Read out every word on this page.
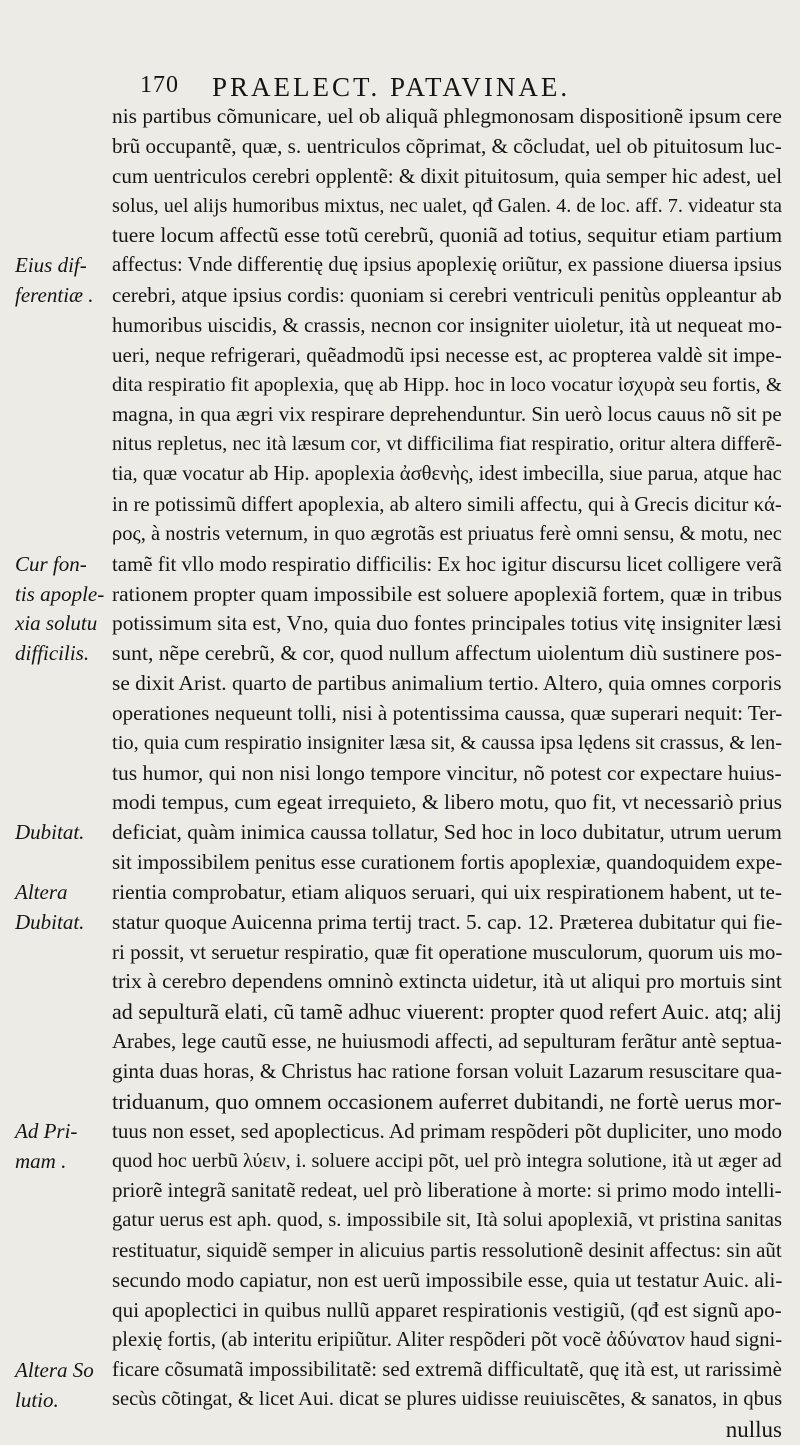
170 PRAELECT. PATAVINAE.
nis partibus cõmunicare, uel ob aliquã phlegmonosam dispositionẽ ipsum cere
brũ occupantẽ, quæ, s. uentriculos cõprimat, & cõcludat, uel ob pituitosum luc-
cum uentriculos cerebri opplentẽ: & dixit pituitosum, quia semper hic adest, uel
solus, uel alijs humoribus mixtus, nec ualet, qđ Galen. 4. de loc. aff. 7. videatur sta
tuere locum affectũ esse totũ cerebrũ, quoniã ad totius, sequitur etiam partium
affectus: Vnde differentię duę ipsius apoplexię oriũtur, ex passione diuersa ipsius
cerebri, atque ipsius cordis: quoniam si cerebri ventriculi penitùs oppleantur ab
humoribus uiscidis, & crassis, necnon cor insigniter uioletur, ità ut nequeat mo-
ueri, neque refrigerari, quẽadmodũ ipsi necesse est, ac propterea valdè sit impe-
dita respiratio fit apoplexia, quę ab Hipp. hoc in loco vocatur ἰσχυρὰ seu fortis, &
magna, in qua ægri vix respirare deprehenduntur. Sin uerò locus cauus nõ sit pe
nitus repletus, nec ità læsum cor, vt difficilima fiat respiratio, oritur altera differẽ-
tia, quæ vocatur ab Hip. apoplexia ἀσθενὴς, idest imbecilla, siue parua, atque hac
in re potissimũ differt apoplexia, ab altero simili affectu, qui à Grecis dicitur κά-
ρος, à nostris veternum, in quo ægrotãs est priuatus ferè omni sensu, & motu, nec
tamẽ fit vllo modo respiratio difficilis: Ex hoc igitur discursu licet colligere verã
rationem propter quam impossibile est soluere apoplexiã fortem, quæ in tribus
potissimum sita est, Vno, quia duo fontes principales totius vitę insigniter læsi
sunt, nẽpe cerebrũ, & cor, quod nullum affectum uiolentum diù sustinere pos-
se dixit Arist. quarto de partibus animalium tertio. Altero, quia omnes corporis
operationes nequeunt tolli, nisi à potentissima caussa, quæ superari nequit: Ter-
tio, quia cum respiratio insigniter læsa sit, & caussa ipsa lędens sit crassus, & len-
tus humor, qui non nisi longo tempore vincitur, nõ potest cor expectare huius-
modi tempus, cum egeat irrequieto, & libero motu, quo fit, vt necessariò prius
deficiat, quàm inimica caussa tollatur, Sed hoc in loco dubitatur, utrum uerum
sit impossibilem penitus esse curationem fortis apoplexiæ, quandoquidem expe-
rientia comprobatur, etiam aliquos seruari, qui uix respirationem habent, ut te-
statur quoque Auicenna prima tertij tract. 5. cap. 12. Præterea dubitatur qui fie-
ri possit, vt seruetur respiratio, quæ fit operatione musculorum, quorum uis mo-
trix à cerebro dependens omninò extincta uidetur, ità ut aliqui pro mortuis sint
ad sepulturã elati, cũ tamẽ adhuc viuerent: propter quod refert Auic. atq; alij
Arabes, lege cautũ esse, ne huiusmodi affecti, ad sepulturam ferãtur antè septua-
ginta duas horas, & Christus hac ratione forsan voluit Lazarum resuscitare qua-
triduanum, quo omnem occasionem auferret dubitandi, ne fortè uerus mor-
tuus non esset, sed apoplecticus. Ad primam respõderi põt dupliciter, uno modo
quod hoc uerbũ λύειν, i. soluere accipi põt, uel prò integra solutione, ità ut æger ad
priorẽ integrã sanitatẽ redeat, uel prò liberatione à morte: si primo modo intelli-
gatur uerus est aph. quod, s. impossibile sit, Ità solui apoplexiã, vt pristina sanitas
restituatur, siquidẽ semper in alicuius partis ressolutionẽ desinit affectus: sin aũt
secundo modo capiatur, non est uerũ impossibile esse, quia ut testatur Auic. ali-
qui apoplectici in quibus nullũ apparet respirationis vestigiũ, (qđ est signũ apo-
plexię fortis, (ab interitu eripiũtur. Aliter respõderi põt vocẽ ἀδύνατον haud signi-
ficare cõsumatã impossibilitatẽ: sed extremã difficultatẽ, quę ità est, ut rarissimè
secùs cõtingat, & licet Aui. dicat se plures uidisse reuiuiscẽtes, & sanatos, in qbus
nullus
Eius dif-
ferentiæ .
Cur fon-
tis apople-
xia solutu
difficilis.
Dubitat.
Altera
Dubitat.
Ad Pri-
mam .
Altera So
lutio.
